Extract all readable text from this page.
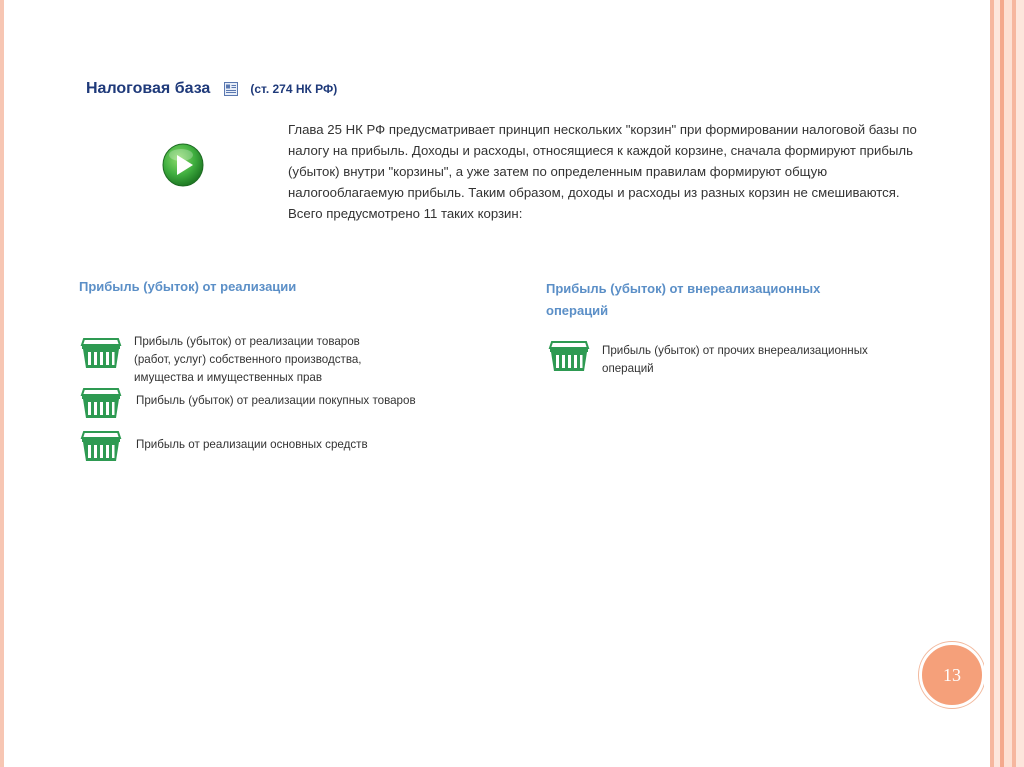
Налоговая база	(ст. 274 НК РФ)
Глава 25 НК РФ предусматривает принцип нескольких "корзин" при формировании налоговой базы по налогу на прибыль. Доходы и расходы, относящиеся к каждой корзине, сначала формируют прибыль (убыток) внутри "корзины", а уже затем по определенным правилам формируют общую налогооблагаемую прибыль. Таким образом, доходы и расходы из разных корзин не смешиваются. Всего предусмотрено 11 таких корзин:
Прибыль (убыток) от реализации	Прибыль (убыток) от внереализационных операций
Прибыль (убыток) от реализации товаров (работ, услуг) собственного производства, имущества и имущественных прав
Прибыль (убыток) от реализации покупных товаров
Прибыль от реализации основных средств
Прибыль (убыток) от прочих внереализационных операций
13
